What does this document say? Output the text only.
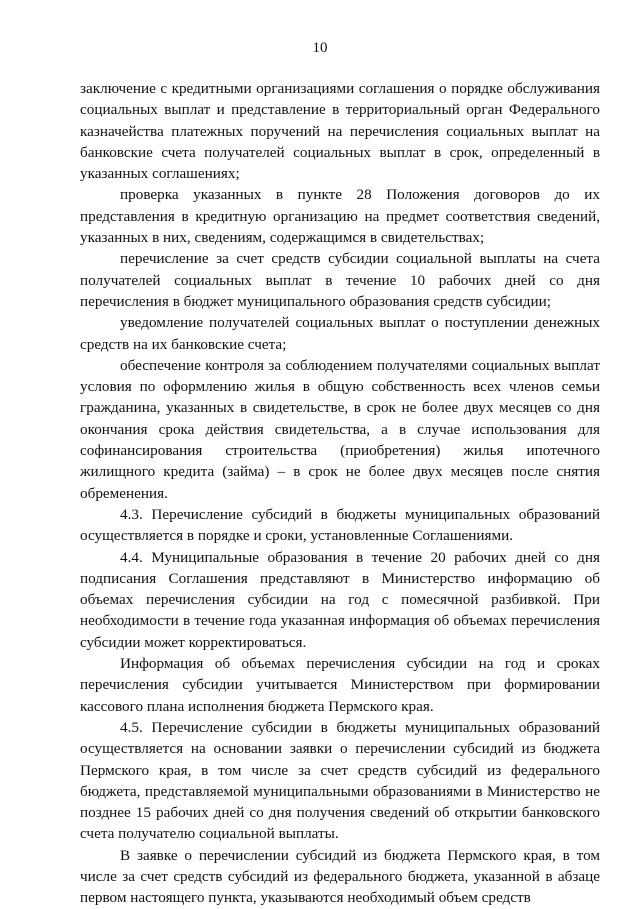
10

заключение с кредитными организациями соглашения о порядке обслуживания социальных выплат и представление в территориальный орган Федерального казначейства платежных поручений на перечисления социальных выплат на банковские счета получателей социальных выплат в срок, определенный в указанных соглашениях;

проверка указанных в пункте 28 Положения договоров до их представления в кредитную организацию на предмет соответствия сведений, указанных в них, сведениям, содержащимся в свидетельствах;

перечисление за счет средств субсидии социальной выплаты на счета получателей социальных выплат в течение 10 рабочих дней со дня перечисления в бюджет муниципального образования средств субсидии;

уведомление получателей социальных выплат о поступлении денежных средств на их банковские счета;

обеспечение контроля за соблюдением получателями социальных выплат условия по оформлению жилья в общую собственность всех членов семьи гражданина, указанных в свидетельстве, в срок не более двух месяцев со дня окончания срока действия свидетельства, а в случае использования для софинансирования строительства (приобретения) жилья ипотечного жилищного кредита (займа) – в срок не более двух месяцев после снятия обременения.

4.3. Перечисление субсидий в бюджеты муниципальных образований осуществляется в порядке и сроки, установленные Соглашениями.

4.4. Муниципальные образования в течение 20 рабочих дней со дня подписания Соглашения представляют в Министерство информацию об объемах перечисления субсидии на год с помесячной разбивкой. При необходимости в течение года указанная информация об объемах перечисления субсидии может корректироваться.

Информация об объемах перечисления субсидии на год и сроках перечисления субсидии учитывается Министерством при формировании кассового плана исполнения бюджета Пермского края.

4.5. Перечисление субсидии в бюджеты муниципальных образований осуществляется на основании заявки о перечислении субсидий из бюджета Пермского края, в том числе за счет средств субсидий из федерального бюджета, представляемой муниципальными образованиями в Министерство не позднее 15 рабочих дней со дня получения сведений об открытии банковского счета получателю социальной выплаты.

В заявке о перечислении субсидий из бюджета Пермского края, в том числе за счет средств субсидий из федерального бюджета, указанной в абзаце первом настоящего пункта, указываются необходимый объем средств
